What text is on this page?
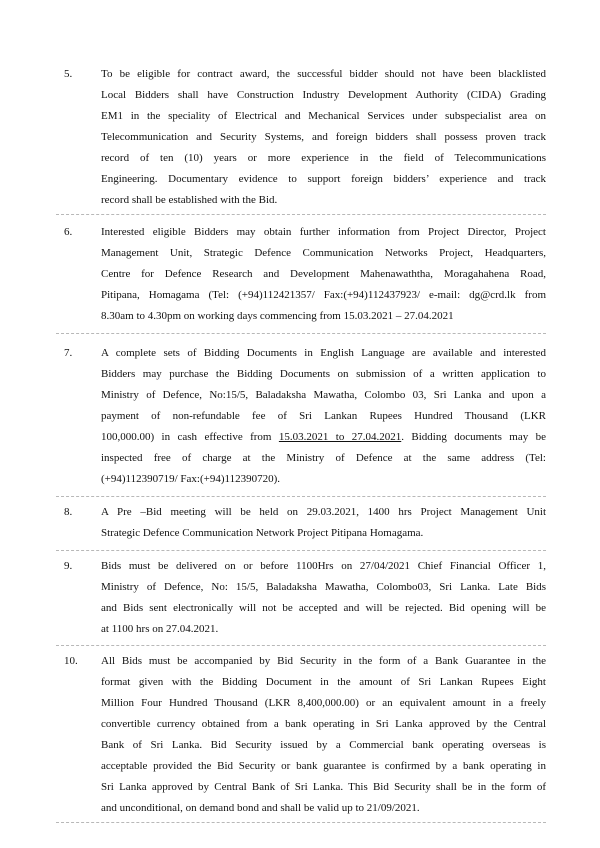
5.	To be eligible for contract award, the successful bidder should not have been blacklisted
Local Bidders shall have Construction Industry Development Authority (CIDA) Grading
EM1 in the speciality of Electrical and Mechanical Services under subspecialist area on
Telecommunication and Security Systems, and foreign bidders shall possess proven track
record of ten (10) years or more experience in the field of Telecommunications
Engineering. Documentary evidence to support foreign bidders’ experience and track
record shall be established with the Bid.
6.	Interested eligible Bidders may obtain further information from Project Director, Project
Management Unit, Strategic Defence Communication Networks Project, Headquarters,
Centre for Defence Research and Development Mahenawaththa, Moragahahena Road,
Pitipana, Homagama (Tel: (+94)112421357/ Fax:(+94)112437923/ e-mail: dg@crd.lk from
8.30am to 4.30pm on working days commencing from 15.03.2021 – 27.04.2021
7.	A complete sets of Bidding Documents in English Language are available and interested
Bidders may purchase the Bidding Documents on submission of a written application to
Ministry of Defence, No:15/5, Baladaksha Mawatha, Colombo 03, Sri Lanka and upon a
payment of non-refundable fee of Sri Lankan Rupees Hundred Thousand (LKR
100,000.00) in cash effective from 15.03.2021 to 27.04.2021. Bidding documents may be
inspected free of charge at the Ministry of Defence at the same address (Tel:
(+94)112390719/ Fax:(+94)112390720).
8.	A Pre –Bid meeting will be held on 29.03.2021, 1400 hrs Project Management Unit
Strategic Defence Communication Network Project Pitipana Homagama.
9.	Bids must be delivered on or before 1100Hrs on 27/04/2021 Chief Financial Officer 1,
Ministry of Defence, No: 15/5, Baladaksha Mawatha, Colombo03, Sri Lanka. Late Bids
and Bids sent electronically will not be accepted and will be rejected. Bid opening will be
at 1100 hrs on 27.04.2021.
10.	All Bids must be accompanied by Bid Security in the form of a Bank Guarantee in the
format given with the Bidding Document in the amount of Sri Lankan Rupees Eight
Million Four Hundred Thousand (LKR 8,400,000.00) or an equivalent amount in a freely
convertible currency obtained from a bank operating in Sri Lanka approved by the Central
Bank of Sri Lanka. Bid Security issued by a Commercial bank operating overseas is
acceptable provided the Bid Security or bank guarantee is confirmed by a bank operating in
Sri Lanka approved by Central Bank of Sri Lanka. This Bid Security shall be in the form of
and unconditional, on demand bond and shall be valid up to 21/09/2021.
